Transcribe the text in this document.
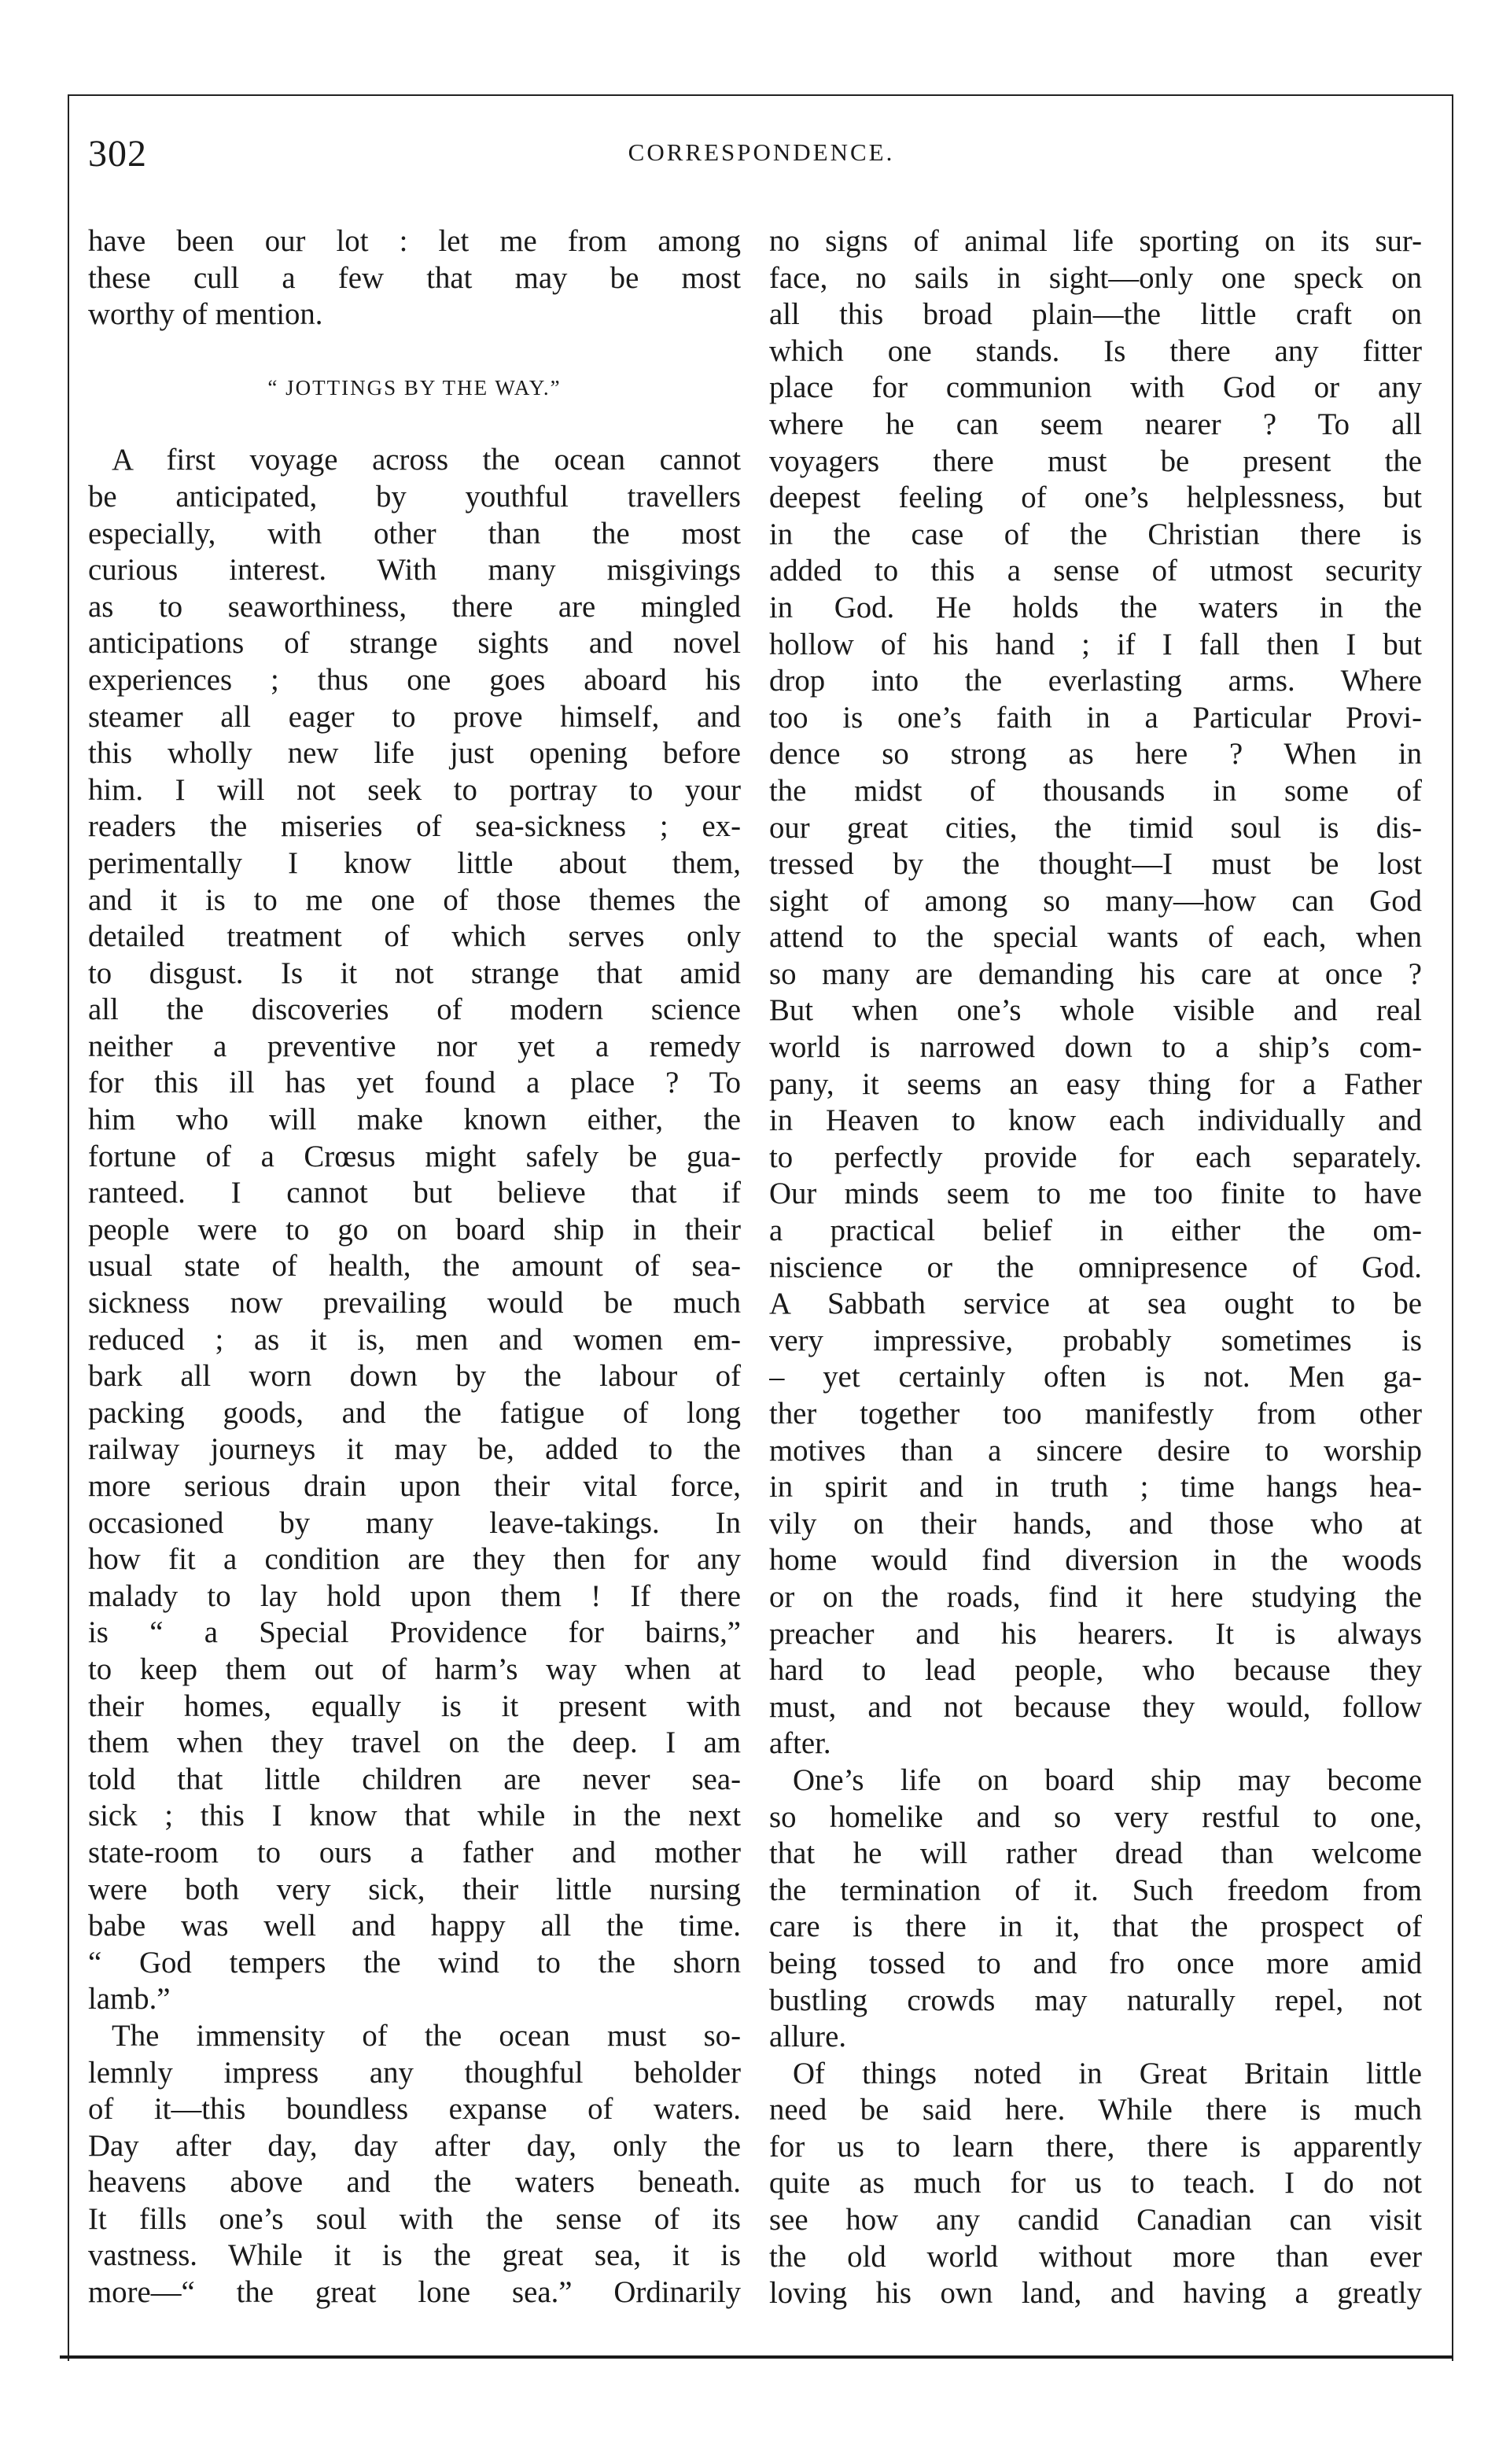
302	CORRESPONDENCE.
have been our lot : let me from among
these cull a few that may be most
worthy of mention.
“ JOTTINGS BY THE WAY.”
A first voyage across the ocean cannot
be anticipated, by youthful travellers
especially, with other than the most
curious interest. With many misgivings
as to seaworthiness, there are mingled
anticipations of strange sights and novel
experiences ; thus one goes aboard his
steamer all eager to prove himself, and
this wholly new life just opening before
him. I will not seek to portray to your
readers the miseries of sea-sickness ; ex-
perimentally I know little about them,
and it is to me one of those themes the
detailed treatment of which serves only
to disgust. Is it not strange that amid
all the discoveries of modern science
neither a preventive nor yet a remedy
for this ill has yet found a place ? To
him who will make known either, the
fortune of a Crœsus might safely be gua-
ranteed. I cannot but believe that if
people were to go on board ship in their
usual state of health, the amount of sea-
sickness now prevailing would be much
reduced ; as it is, men and women em-
bark all worn down by the labour of
packing goods, and the fatigue of long
railway journeys it may be, added to the
more serious drain upon their vital force,
occasioned by many leave-takings. In
how fit a condition are they then for any
malady to lay hold upon them ! If there
is “ a Special Providence for bairns,”
to keep them out of harm’s way when at
their homes, equally is it present with
them when they travel on the deep. I am
told that little children are never sea-
sick ; this I know that while in the next
state-room to ours a father and mother
were both very sick, their little nursing
babe was well and happy all the time.
“ God tempers the wind to the shorn
lamb.”
The immensity of the ocean must so-
lemnly impress any thoughful beholder
of it—this boundless expanse of waters.
Day after day, day after day, only the
heavens above and the waters beneath.
It fills one’s soul with the sense of its
vastness. While it is the great sea, it is
more—“ the great lone sea.” Ordinarily
no signs of animal life sporting on its sur-
face, no sails in sight—only one speck on
all this broad plain—the little craft on
which one stands. Is there any fitter
place for communion with God or any
where he can seem nearer ? To all
voyagers there must be present the
deepest feeling of one’s helplessness, but
in the case of the Christian there is
added to this a sense of utmost security
in God. He holds the waters in the
hollow of his hand ; if I fall then I but
drop into the everlasting arms. Where
too is one’s faith in a Particular Provi-
dence so strong as here ? When in
the midst of thousands in some of
our great cities, the timid soul is dis-
tressed by the thought—I must be lost
sight of among so many—how can God
attend to the special wants of each, when
so many are demanding his care at once ?
But when one’s whole visible and real
world is narrowed down to a ship’s com-
pany, it seems an easy thing for a Father
in Heaven to know each individually and
to perfectly provide for each separately.
Our minds seem to me too finite to have
a practical belief in either the om-
niscience or the omnipresence of God.
A Sabbath service at sea ought to be
very impressive, probably sometimes is
– yet certainly often is not. Men ga-
ther together too manifestly from other
motives than a sincere desire to worship
in spirit and in truth ; time hangs hea-
vily on their hands, and those who at
home would find diversion in the woods
or on the roads, find it here studying the
preacher and his hearers. It is always
hard to lead people, who because they
must, and not because they would, follow
after.
One’s life on board ship may become
so homelike and so very restful to one,
that he will rather dread than welcome
the termination of it. Such freedom from
care is there in it, that the prospect of
being tossed to and fro once more amid
bustling crowds may naturally repel, not
allure.
Of things noted in Great Britain little
need be said here. While there is much
for us to learn there, there is apparently
quite as much for us to teach. I do not
see how any candid Canadian can visit
the old world without more than ever
loving his own land, and having a greatly
